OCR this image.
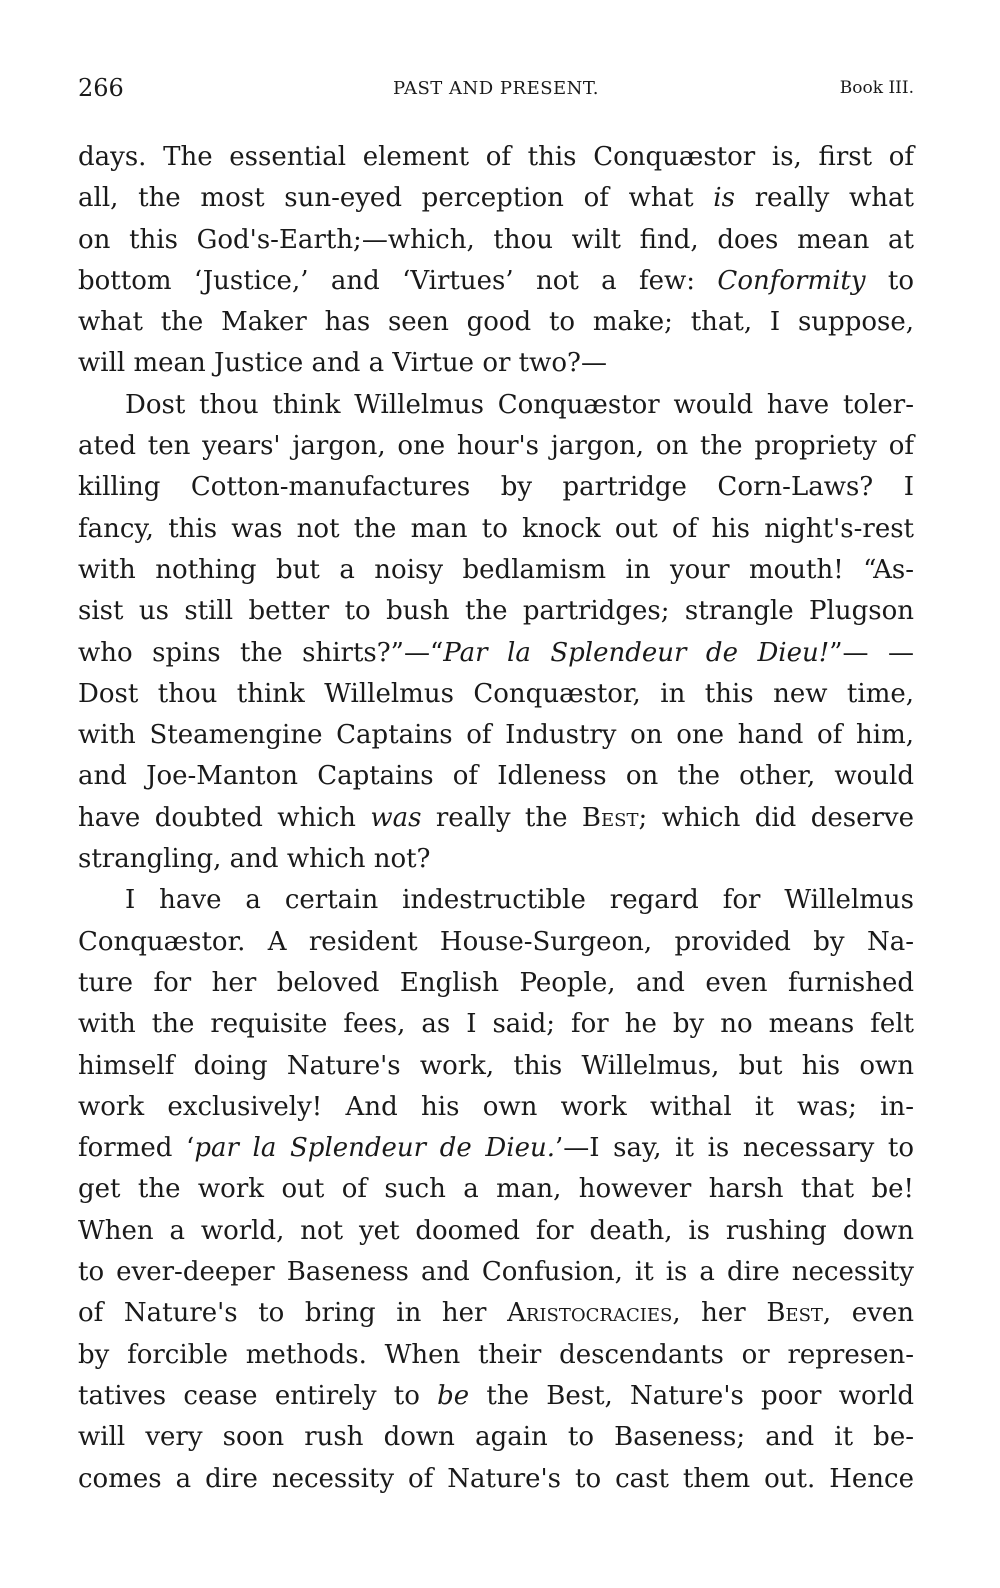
266	PAST AND PRESENT.	Book III.
days. The essential element of this Conquæstor is, first of
all, the most sun-eyed perception of what is really what
on this God's-Earth;—which, thou wilt find, does mean at
bottom ‘Justice,’ and ‘Virtues’ not a few: Conformity to
what the Maker has seen good to make; that, I suppose,
will mean Justice and a Virtue or two?—
Dost thou think Willelmus Conquæstor would have toler-
ated ten years' jargon, one hour's jargon, on the propriety of
killing Cotton-manufactures by partridge Corn-Laws? I
fancy, this was not the man to knock out of his night's-rest
with nothing but a noisy bedlamism in your mouth! “As-
sist us still better to bush the partridges; strangle Plugson
who spins the shirts?”—“Par la Splendeur de Dieu!”— —
Dost thou think Willelmus Conquæstor, in this new time,
with Steamengine Captains of Industry on one hand of him,
and Joe-Manton Captains of Idleness on the other, would
have doubted which was really the Best; which did deserve
strangling, and which not?
I have a certain indestructible regard for Willelmus
Conquæstor. A resident House-Surgeon, provided by Na-
ture for her beloved English People, and even furnished
with the requisite fees, as I said; for he by no means felt
himself doing Nature's work, this Willelmus, but his own
work exclusively! And his own work withal it was; in-
formed ‘par la Splendeur de Dieu.’—I say, it is necessary to
get the work out of such a man, however harsh that be!
When a world, not yet doomed for death, is rushing down
to ever-deeper Baseness and Confusion, it is a dire necessity
of Nature's to bring in her Aristocracies, her Best, even
by forcible methods. When their descendants or represen-
tatives cease entirely to be the Best, Nature's poor world
will very soon rush down again to Baseness; and it be-
comes a dire necessity of Nature's to cast them out. Hence
